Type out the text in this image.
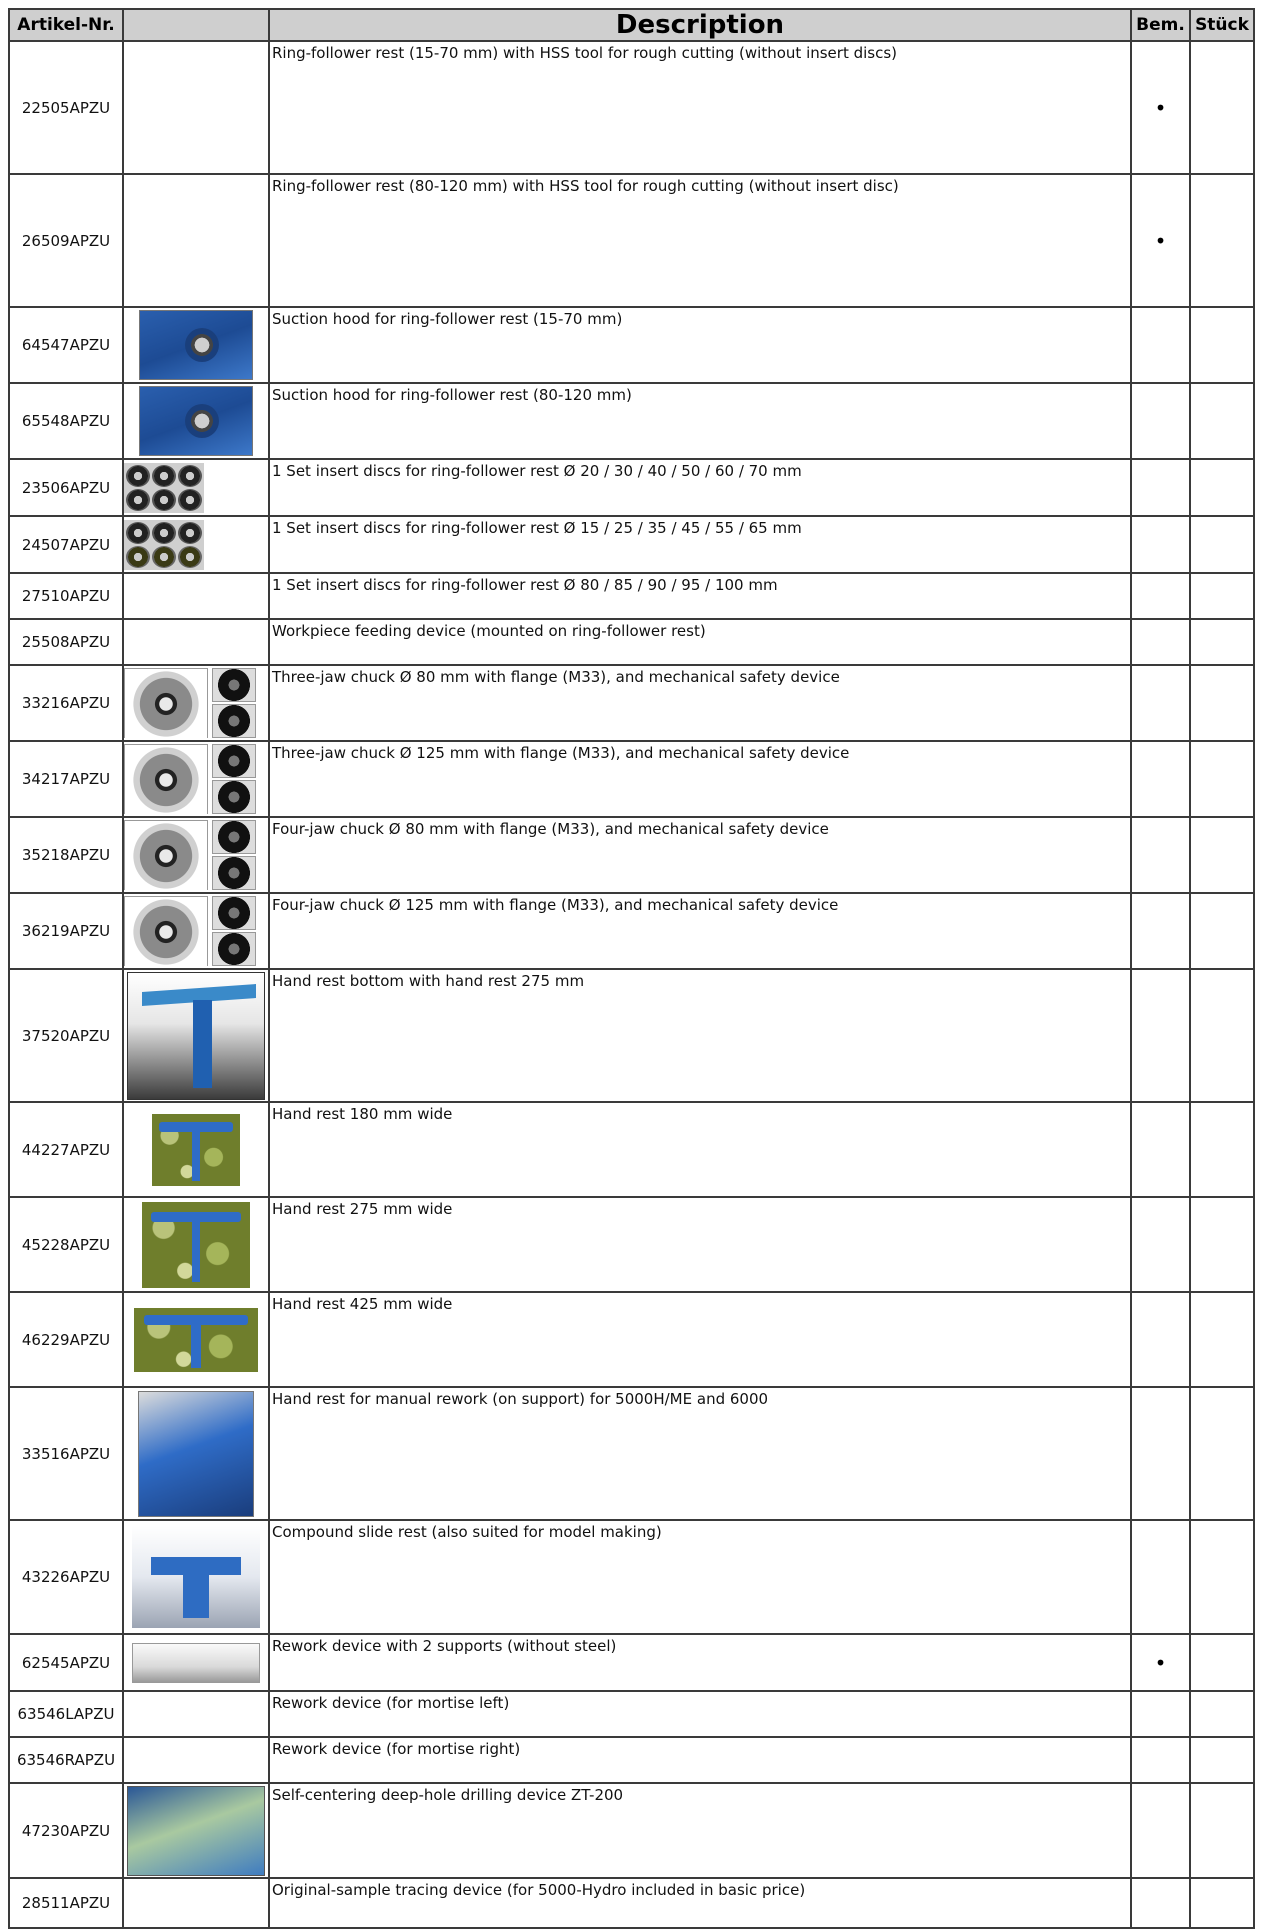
Artikel-Nr.		Description	Bem.	Stück
22505APZU		Ring-follower rest (15-70 mm) with HSS tool for rough cutting (without insert discs)	•	
26509APZU		Ring-follower rest (80-120 mm) with HSS tool for rough cutting (without insert disc)	•	
64547APZU		Suction hood for ring-follower rest (15-70 mm)		
65548APZU		Suction hood for ring-follower rest (80-120 mm)		
23506APZU		1 Set insert discs for ring-follower rest Ø 20 / 30 / 40 / 50 / 60 / 70 mm		
24507APZU		1 Set insert discs for ring-follower rest Ø 15 / 25 / 35 / 45 / 55 / 65 mm		
27510APZU		1 Set insert discs for ring-follower rest Ø 80 / 85 / 90 / 95 / 100 mm		
25508APZU		Workpiece feeding device (mounted on ring-follower rest)		
33216APZU		Three-jaw chuck Ø 80 mm with flange (M33), and mechanical safety device		
34217APZU		Three-jaw chuck Ø 125 mm with flange (M33), and mechanical safety device		
35218APZU		Four-jaw chuck Ø 80 mm with flange (M33), and mechanical safety device		
36219APZU		Four-jaw chuck Ø 125 mm with flange (M33), and mechanical safety device		
37520APZU		Hand rest bottom with hand rest 275 mm		
44227APZU		Hand rest 180 mm wide		
45228APZU		Hand rest 275 mm wide		
46229APZU		Hand rest 425 mm wide		
33516APZU		Hand rest for manual rework (on support) for 5000H/ME and 6000		
43226APZU		Compound slide rest (also suited for model making)		
62545APZU		Rework device with 2 supports (without steel)	•	
63546LAPZU		Rework device (for mortise left)		
63546RAPZU		Rework device (for mortise right)		
47230APZU		Self-centering deep-hole drilling device ZT-200		
28511APZU		Original-sample tracing device (for 5000-Hydro included in basic price)		
